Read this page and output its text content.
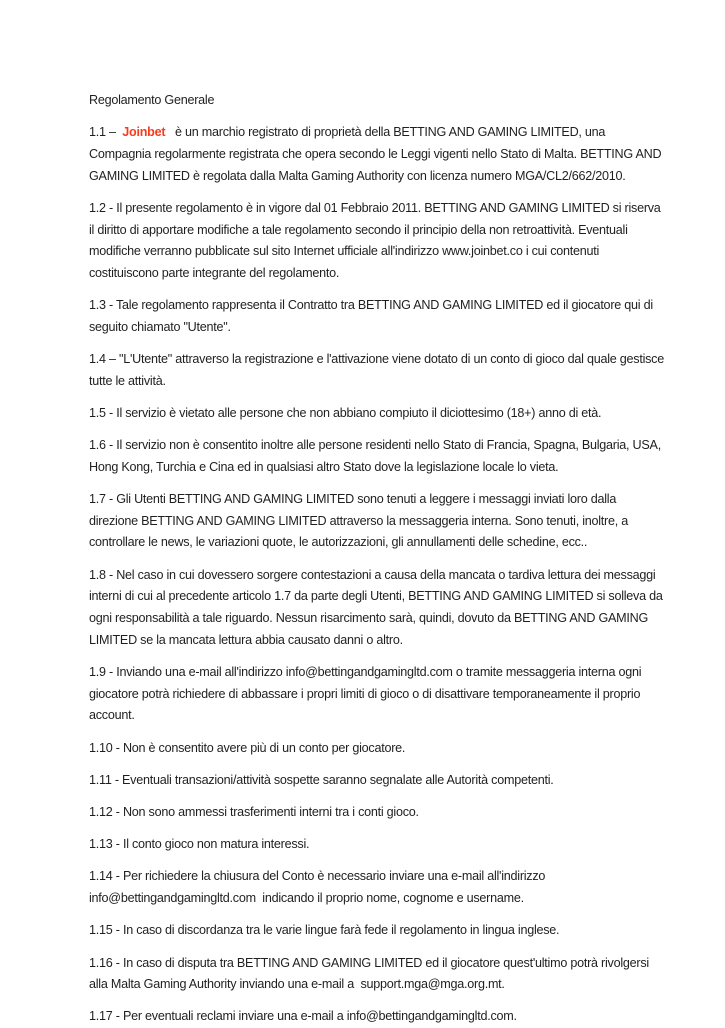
Regolamento Generale

1.1 –  Joinbet   è un marchio registrato di proprietà della BETTING AND GAMING LIMITED, una Compagnia regolarmente registrata che opera secondo le Leggi vigenti nello Stato di Malta. BETTING AND GAMING LIMITED è regolata dalla Malta Gaming Authority con licenza numero MGA/CL2/662/2010.

1.2 - Il presente regolamento è in vigore dal 01 Febbraio 2011. BETTING AND GAMING LIMITED si riserva il diritto di apportare modifiche a tale regolamento secondo il principio della non retroattività. Eventuali modifiche verranno pubblicate sul sito Internet ufficiale all'indirizzo www.joinbet.co i cui contenuti costituiscono parte integrante del regolamento.

1.3 - Tale regolamento rappresenta il Contratto tra BETTING AND GAMING LIMITED ed il giocatore qui di seguito chiamato "Utente".

1.4 – "L'Utente" attraverso la registrazione e l'attivazione viene dotato di un conto di gioco dal quale gestisce tutte le attività.

1.5 - Il servizio è vietato alle persone che non abbiano compiuto il diciottesimo (18+) anno di età.

1.6 - Il servizio non è consentito inoltre alle persone residenti nello Stato di Francia, Spagna, Bulgaria, USA, Hong Kong, Turchia e Cina ed in qualsiasi altro Stato dove la legislazione locale lo vieta.

1.7 - Gli Utenti BETTING AND GAMING LIMITED sono tenuti a leggere i messaggi inviati loro dalla direzione BETTING AND GAMING LIMITED attraverso la messaggeria interna. Sono tenuti, inoltre, a controllare le news, le variazioni quote, le autorizzazioni, gli annullamenti delle schedine, ecc..

1.8 - Nel caso in cui dovessero sorgere contestazioni a causa della mancata o tardiva lettura dei messaggi interni di cui al precedente articolo 1.7 da parte degli Utenti, BETTING AND GAMING LIMITED si solleva da ogni responsabilità a tale riguardo. Nessun risarcimento sarà, quindi, dovuto da BETTING AND GAMING LIMITED se la mancata lettura abbia causato danni o altro.

1.9 - Inviando una e-mail all'indirizzo info@bettingandgamingltd.com o tramite messaggeria interna ogni giocatore potrà richiedere di abbassare i propri limiti di gioco o di disattivare temporaneamente il proprio account.

1.10 - Non è consentito avere più di un conto per giocatore.

1.11 - Eventuali transazioni/attività sospette saranno segnalate alle Autorità competenti.

1.12 - Non sono ammessi trasferimenti interni tra i conti gioco.

1.13 - Il conto gioco non matura interessi.

1.14 - Per richiedere la chiusura del Conto è necessario inviare una e-mail all'indirizzo info@bettingandgamingltd.com  indicando il proprio nome, cognome e username.

1.15 - In caso di discordanza tra le varie lingue farà fede il regolamento in lingua inglese.

1.16 - In caso di disputa tra BETTING AND GAMING LIMITED ed il giocatore quest'ultimo potrà rivolgersi alla Malta Gaming Authority inviando una e-mail a  support.mga@mga.org.mt.

1.17 - Per eventuali reclami inviare una e-mail a info@bettingandgamingltd.com.
